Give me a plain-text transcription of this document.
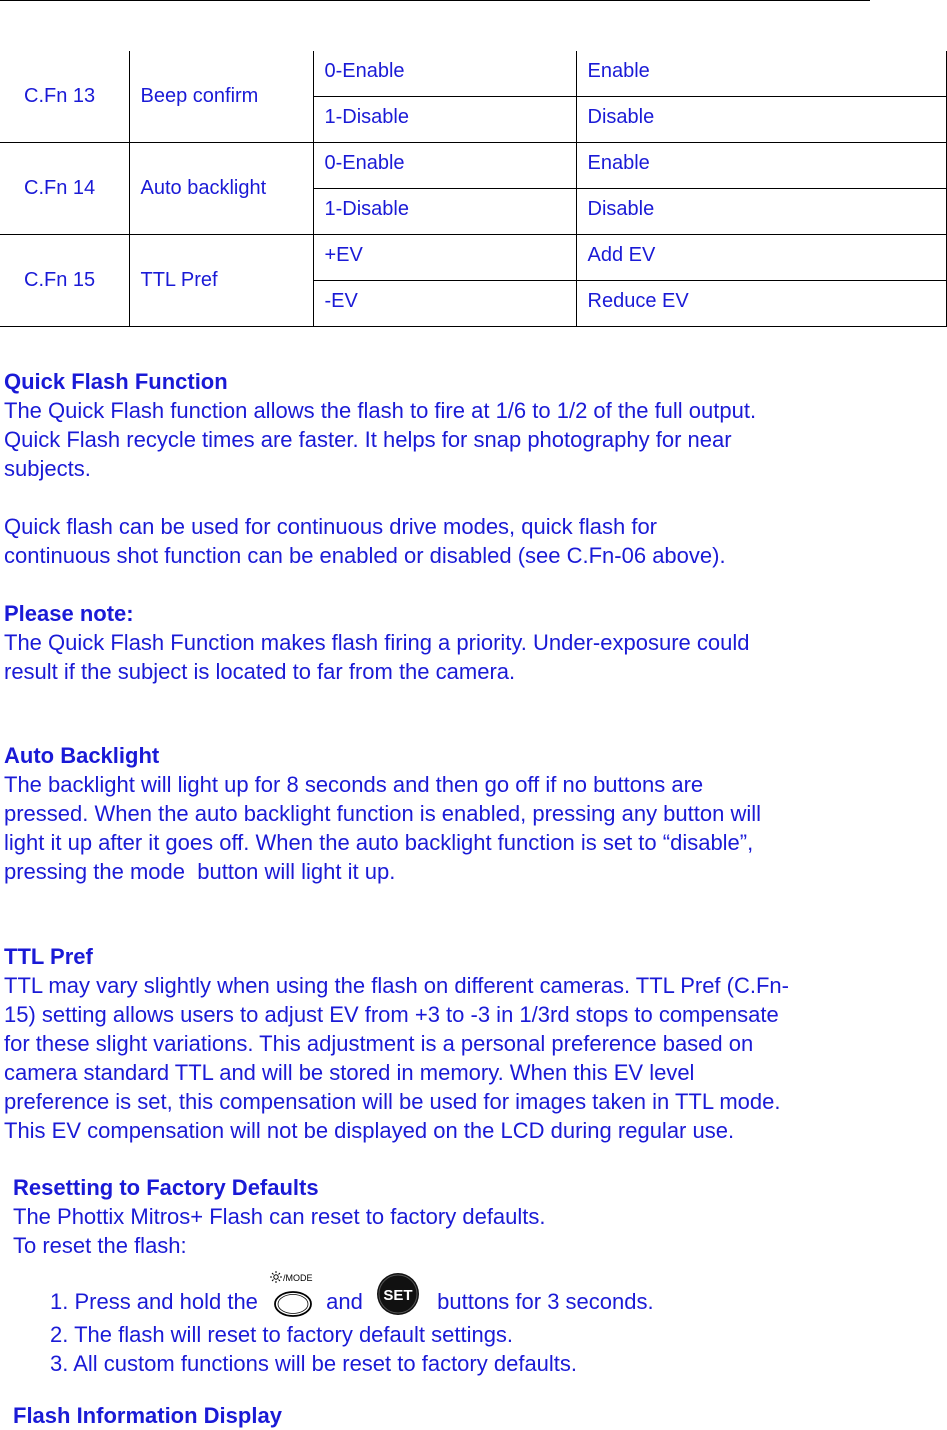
C.Fn 13	Beep confirm	0-Enable	Enable
		1-Disable	Disable
C.Fn 14	Auto backlight	0-Enable	Enable
		1-Disable	Disable
C.Fn 15	TTL Pref	+EV	Add EV
		-EV	Reduce EV
Quick Flash Function

The Quick Flash function allows the flash to fire at 1/6 to 1/2 of the full output.

Quick Flash recycle times are faster. It helps for snap photography for near

subjects.

Quick flash can be used for continuous drive modes, quick flash for

continuous shot function can be enabled or disabled (see C.Fn-06 above).

Please note:

The Quick Flash Function makes flash firing a priority. Under-exposure could

result if the subject is located to far from the camera.

Auto Backlight

The backlight will light up for 8 seconds and then go off if no buttons are

pressed. When the auto backlight function is enabled, pressing any button will

light it up after it goes off. When the auto backlight function is set to “disable”,

pressing the mode  button will light it up.

TTL Pref

TTL may vary slightly when using the flash on different cameras. TTL Pref (C.Fn-

15) setting allows users to adjust EV from +3 to -3 in 1/3rd stops to compensate

for these slight variations. This adjustment is a personal preference based on

camera standard TTL and will be stored in memory. When this EV level

preference is set, this compensation will be used for images taken in TTL mode.

This EV compensation will not be displayed on the LCD during regular use.

Resetting to Factory Defaults

The Phottix Mitros+ Flash can reset to factory defaults.

To reset the flash:

1. Press and hold the
/MODE
and SET buttons for 3 seconds.

2. The flash will reset to factory default settings.

3. All custom functions will be reset to factory defaults.

Flash Information Display
